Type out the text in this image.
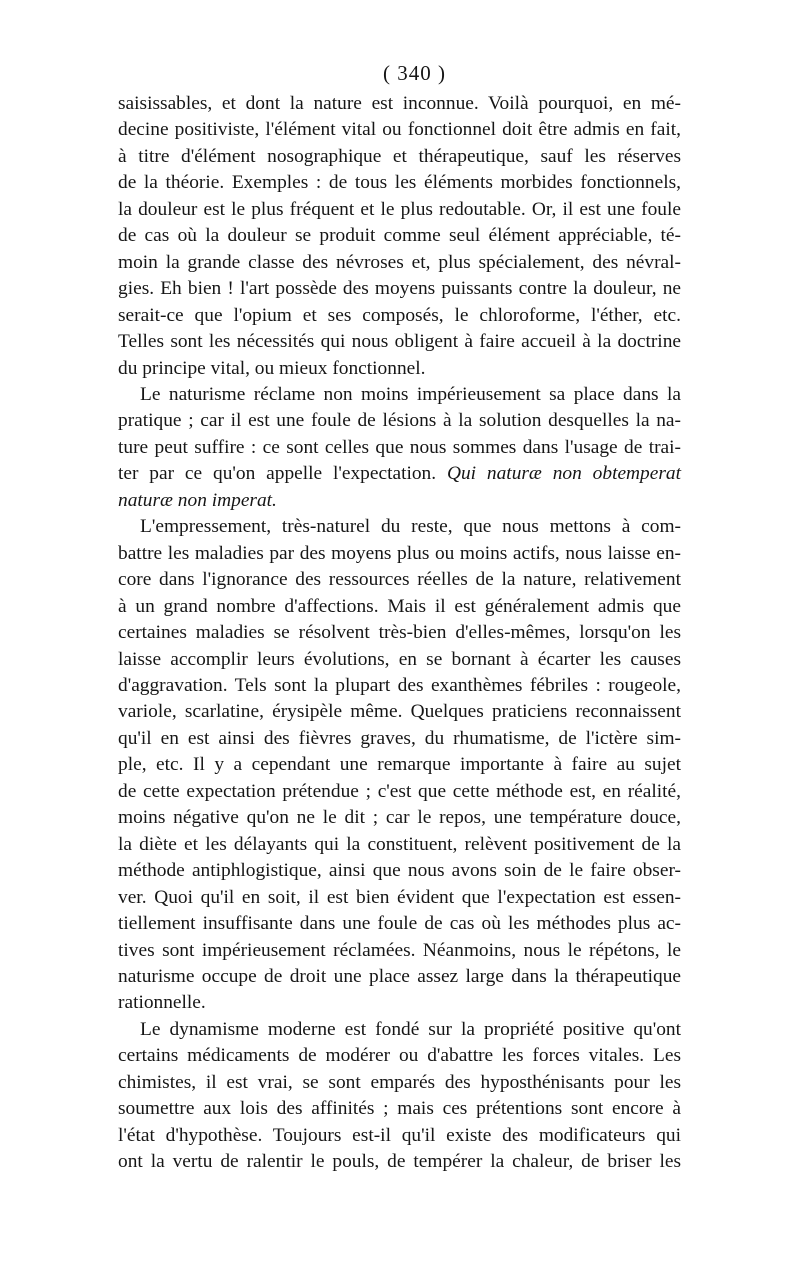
( 340 )

saisissables, et dont la nature est inconnue. Voilà pourquoi, en mé-
decine positiviste, l'élément vital ou fonctionnel doit être admis en fait,
à titre d'élément nosographique et thérapeutique, sauf les réserves
de la théorie. Exemples : de tous les éléments morbides fonctionnels,
la douleur est le plus fréquent et le plus redoutable. Or, il est une foule
de cas où la douleur se produit comme seul élément appréciable, té-
moin la grande classe des névroses et, plus spécialement, des névral-
gies. Eh bien ! l'art possède des moyens puissants contre la douleur, ne
serait-ce que l'opium et ses composés, le chloroforme, l'éther, etc.
Telles sont les nécessités qui nous obligent à faire accueil à la doctrine
du principe vital, ou mieux fonctionnel.

Le naturisme réclame non moins impérieusement sa place dans la
pratique ; car il est une foule de lésions à la solution desquelles la na-
ture peut suffire : ce sont celles que nous sommes dans l'usage de trai-
ter par ce qu'on appelle l'expectation. Qui naturæ non obtemperat
naturæ non imperat.

L'empressement, très-naturel du reste, que nous mettons à com-
battre les maladies par des moyens plus ou moins actifs, nous laisse en-
core dans l'ignorance des ressources réelles de la nature, relativement
à un grand nombre d'affections. Mais il est généralement admis que
certaines maladies se résolvent très-bien d'elles-mêmes, lorsqu'on les
laisse accomplir leurs évolutions, en se bornant à écarter les causes
d'aggravation. Tels sont la plupart des exanthèmes fébriles : rougeole,
variole, scarlatine, érysipèle même. Quelques praticiens reconnaissent
qu'il en est ainsi des fièvres graves, du rhumatisme, de l'ictère sim-
ple, etc. Il y a cependant une remarque importante à faire au sujet
de cette expectation prétendue ; c'est que cette méthode est, en réalité,
moins négative qu'on ne le dit ; car le repos, une température douce,
la diète et les délayants qui la constituent, relèvent positivement de la
méthode antiphlogistique, ainsi que nous avons soin de le faire obser-
ver. Quoi qu'il en soit, il est bien évident que l'expectation est essen-
tiellement insuffisante dans une foule de cas où les méthodes plus ac-
tives sont impérieusement réclamées. Néanmoins, nous le répétons, le
naturisme occupe de droit une place assez large dans la thérapeutique
rationnelle.

Le dynamisme moderne est fondé sur la propriété positive qu'ont
certains médicaments de modérer ou d'abattre les forces vitales. Les
chimistes, il est vrai, se sont emparés des hyposthénisants pour les
soumettre aux lois des affinités ; mais ces prétentions sont encore à
l'état d'hypothèse. Toujours est-il qu'il existe des modificateurs qui
ont la vertu de ralentir le pouls, de tempérer la chaleur, de briser les
